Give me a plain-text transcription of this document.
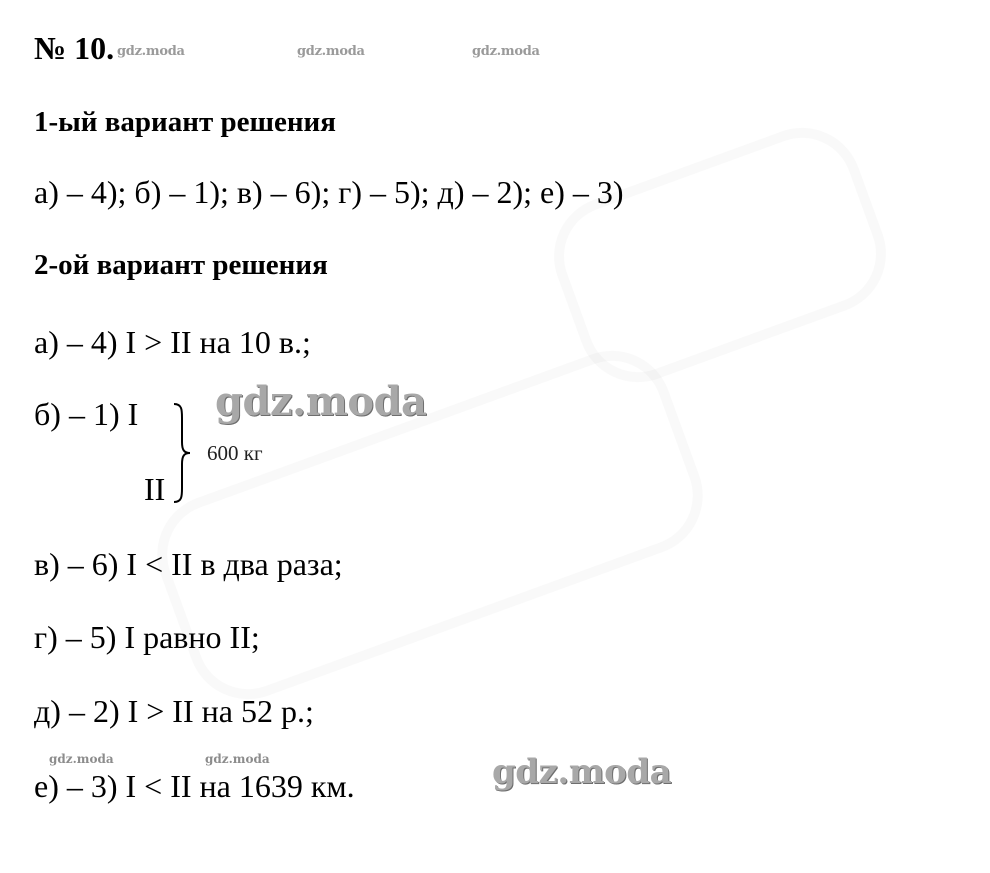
№ 10. gdz.moda	gdz.moda	gdz.moda
1-ый вариант решения
а) – 4); б) – 1); в) – 6); г) – 5); д) – 2); е) – 3)
2-ой вариант решения
а) – 4) I > II на 10 в.;
б) – 1) I
II
600 кг
gdz.moda
в) – 6) I < II в два раза;
г) – 5) I равно II;
д) – 2) I > II на 52 р.;
gdz.moda	gdz.moda
е) – 3) I < II на 1639 км.	gdz.moda
